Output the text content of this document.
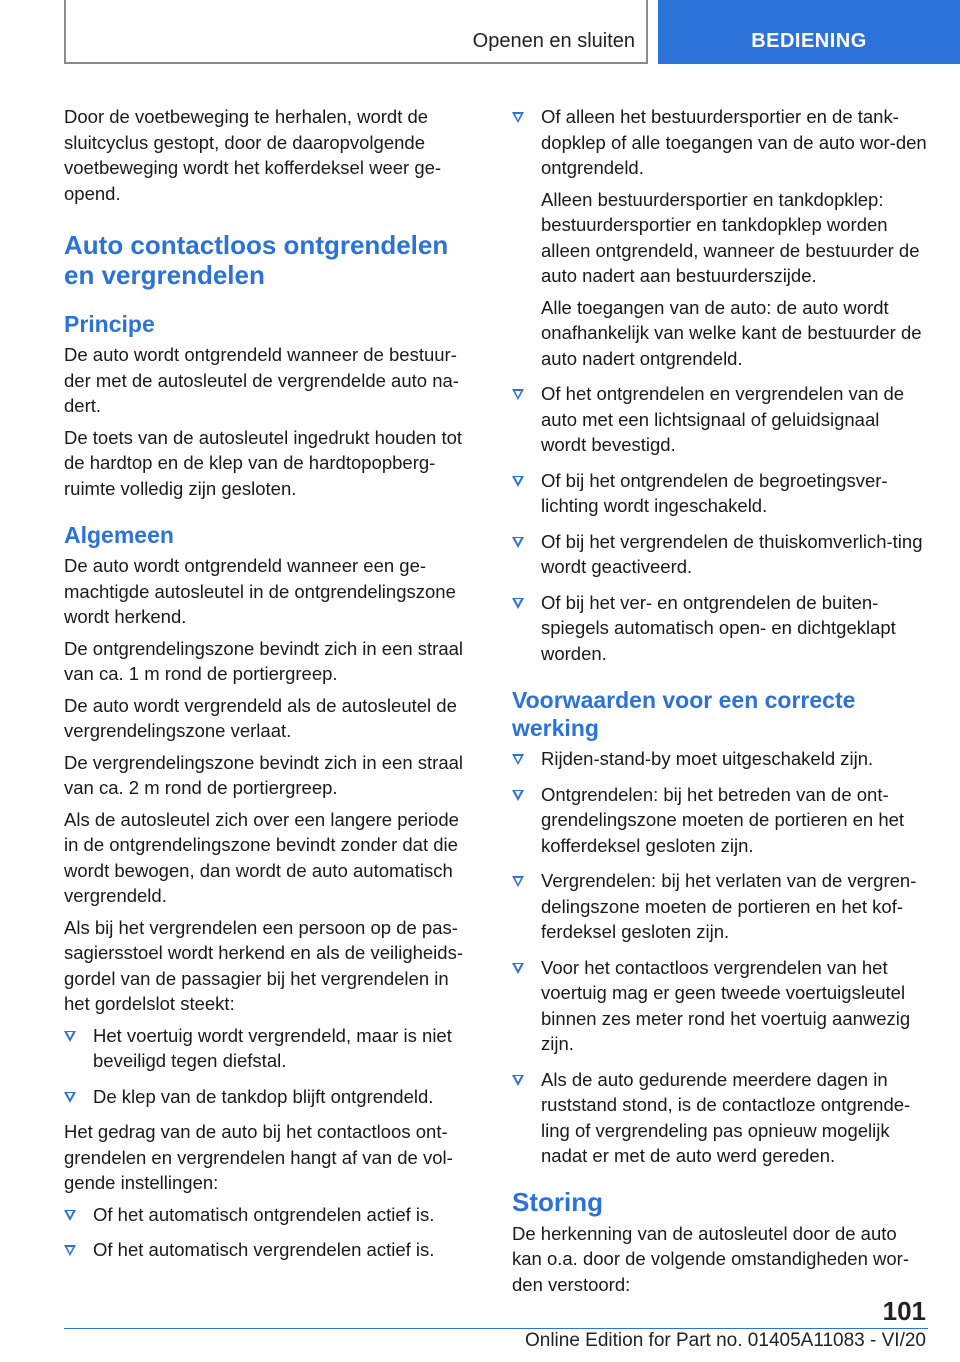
Openen en sluiten	BEDIENING

Door de voetbeweging te herhalen, wordt de sluitcyclus gestopt, door de daaropvolgende voetbeweging wordt het kofferdeksel weer ge-opend.

Auto contactloos ontgrendelen en vergrendelen
Principe

De auto wordt ontgrendeld wanneer de bestuur-der met de autosleutel de vergrendelde auto na-dert.

De toets van de autosleutel ingedrukt houden tot de hardtop en de klep van de hardtopopberg-ruimte volledig zijn gesloten.

Algemeen

De auto wordt ontgrendeld wanneer een ge-machtigde autosleutel in de ontgrendelingszone wordt herkend.

De ontgrendelingszone bevindt zich in een straal van ca. 1 m rond de portiergreep.

De auto wordt vergrendeld als de autosleutel de vergrendelingszone verlaat.

De vergrendelingszone bevindt zich in een straal van ca. 2 m rond de portiergreep.

Als de autosleutel zich over een langere periode in de ontgrendelingszone bevindt zonder dat die wordt bewogen, dan wordt de auto automatisch vergrendeld.

Als bij het vergrendelen een persoon op de pas-sagiersstoel wordt herkend en als de veiligheids-gordel van de passagier bij het vergrendelen in het gordelslot steekt:

Het voertuig wordt vergrendeld, maar is niet beveiligd tegen diefstal.
De klep van de tankdop blijft ontgrendeld.

Het gedrag van de auto bij het contactloos ont-grendelen en vergrendelen hangt af van de vol-gende instellingen:

Of het automatisch ontgrendelen actief is.
Of het automatisch vergrendelen actief is.
Of alleen het bestuurdersportier en de tank-dopklep of alle toegangen van de auto wor-den ontgrendeld.

Alleen bestuurdersportier en tankdopklep: bestuurdersportier en tankdopklep worden alleen ontgrendeld, wanneer de bestuurder de auto nadert aan bestuurderszijde.

Alle toegangen van de auto: de auto wordt onafhankelijk van welke kant de bestuurder de auto nadert ontgrendeld.

Of het ontgrendelen en vergrendelen van de auto met een lichtsignaal of geluidsignaal wordt bevestigd.
Of bij het ontgrendelen de begroetingsver-lichting wordt ingeschakeld.
Of bij het vergrendelen de thuiskomverlich-ting wordt geactiveerd.
Of bij het ver- en ontgrendelen de buiten-spiegels automatisch open- en dichtgeklapt worden.
Voorwaarden voor een correcte werking
Rijden-stand-by moet uitgeschakeld zijn.
Ontgrendelen: bij het betreden van de ont-grendelingszone moeten de portieren en het kofferdeksel gesloten zijn.
Vergrendelen: bij het verlaten van de vergren-delingszone moeten de portieren en het kof-ferdeksel gesloten zijn.
Voor het contactloos vergrendelen van het voertuig mag er geen tweede voertuigsleutel binnen zes meter rond het voertuig aanwezig zijn.
Als de auto gedurende meerdere dagen in ruststand stond, is de contactloze ontgrende-ling of vergrendeling pas opnieuw mogelijk nadat er met de auto werd gereden.
Storing

De herkenning van de autosleutel door de auto kan o.a. door de volgende omstandigheden wor-den verstoord:

101
Online Edition for Part no. 01405A11083 - VI/20
